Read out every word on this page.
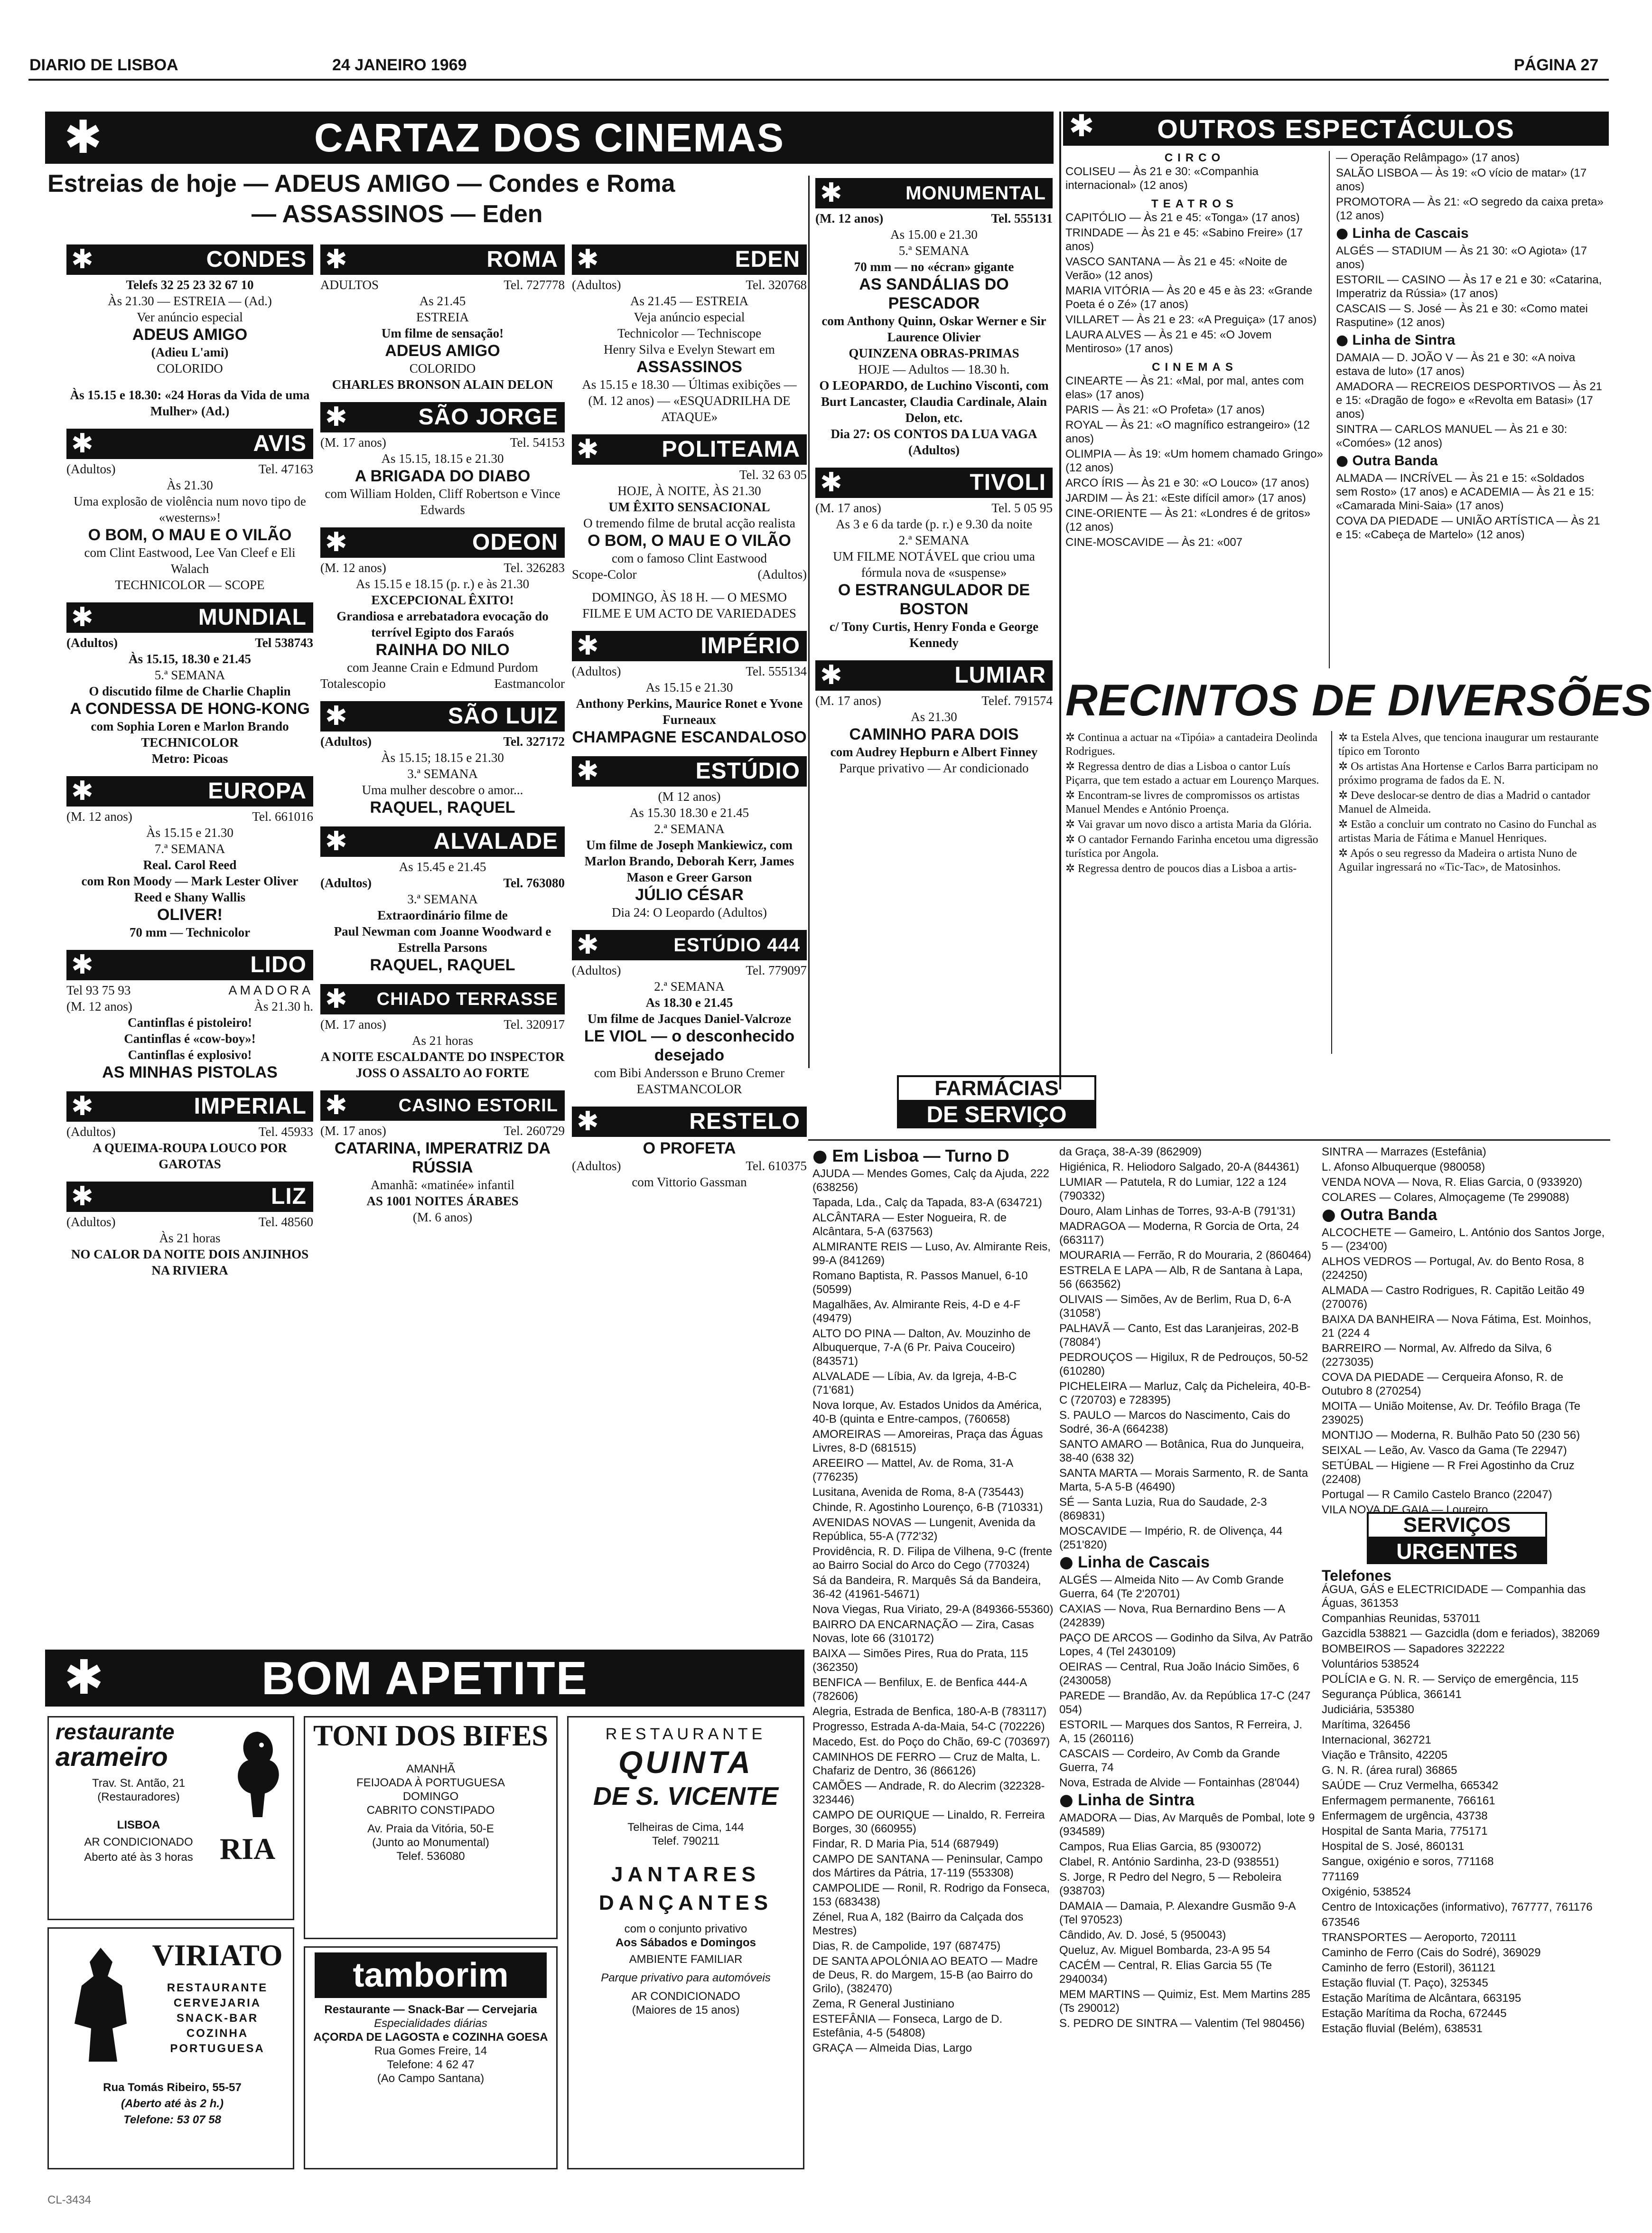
DIARIO DE LISBOA	24 JANEIRO 1969	PÁGINA 27
✱	CARTAZ DOS CINEMAS
Estreias de hoje — ADEUS AMIGO — Condes e Roma
— ASSASSINOS — Eden
✱	CONDES
Telefs 32 25 23 32 67 10
Às 21.30 — ESTREIA — (Ad.)
Ver anúncio especial
ADEUS AMIGO
(Adieu L'ami)
COLORIDO
Às 15.15 e 18.30: «24 Horas da Vida de uma Mulher» (Ad.)
✱	AVIS
(Adultos)	Tel. 47163
Às 21.30
Uma explosão de violência num novo tipo de «westerns»!
O BOM, O MAU E O VILÃO
com Clint Eastwood, Lee Van Cleef e Eli Walach
TECHNICOLOR — SCOPE
✱	MUNDIAL
(Adultos)	Tel 538743
Às 15.15, 18.30 e 21.45
5.ª SEMANA
O discutido filme de Charlie Chaplin
A CONDESSA DE HONG-KONG
com Sophia Loren e Marlon Brando
TECHNICOLOR
Metro: Picoas
✱	EUROPA
(M. 12 anos)	Tel. 661016
Às 15.15 e 21.30
7.ª SEMANA
Real. Carol Reed
com Ron Moody — Mark Lester Oliver Reed e Shany Wallis
OLIVER!
70 mm — Technicolor
✱	LIDO
Tel 93 75 93	AMADORA
(M. 12 anos)	Às 21.30 h.
Cantinflas é pistoleiro!
Cantinflas é «cow-boy»!
Cantinflas é explosivo!
AS MINHAS PISTOLAS
✱	IMPERIAL
(Adultos)	Tel. 45933
A QUEIMA-ROUPA LOUCO POR GAROTAS
✱	LIZ
(Adultos)	Tel. 48560
Às 21 horas
NO CALOR DA NOITE DOIS ANJINHOS NA RIVIERA
✱	ROMA
ADULTOS	Tel. 727778
As 21.45
ESTREIA
Um filme de sensação!
ADEUS AMIGO
COLORIDO
CHARLES BRONSON ALAIN DELON
✱	SÃO JORGE
(M. 17 anos)	Tel. 54153
As 15.15, 18.15 e 21.30
A BRIGADA DO DIABO
com William Holden, Cliff Robertson e Vince Edwards
✱	ODEON
(M. 12 anos)	Tel. 326283
As 15.15 e 18.15 (p. r.) e às 21.30
EXCEPCIONAL ÊXITO!
Grandiosa e arrebatadora evocação do terrível Egipto dos Faraós
RAINHA DO NILO
com Jeanne Crain e Edmund Purdom
Totalescopio	Eastmancolor
✱	SÃO LUIZ
(Adultos)	Tel. 327172
Às 15.15; 18.15 e 21.30
3.ª SEMANA
Uma mulher descobre o amor...
RAQUEL, RAQUEL
✱	ALVALADE
As 15.45 e 21.45
(Adultos)	Tel. 763080
3.ª SEMANA
Extraordinário filme de
Paul Newman com Joanne Woodward e Estrella Parsons
RAQUEL, RAQUEL
✱	CHIADO TERRASSE
(M. 17 anos)	Tel. 320917
As 21 horas
A NOITE ESCALDANTE DO INSPECTOR JOSS O ASSALTO AO FORTE
✱	CASINO ESTORIL
(M. 17 anos)	Tel. 260729
CATARINA, IMPERATRIZ DA RÚSSIA
Amanhã: «matinée» infantil
AS 1001 NOITES ÁRABES
(M. 6 anos)
✱	EDEN
(Adultos)	Tel. 320768
As 21.45 — ESTREIA
Veja anúncio especial
Technicolor — Techniscope
Henry Silva e Evelyn Stewart em
ASSASSINOS
As 15.15 e 18.30 — Últimas exibições — (M. 12 anos) — «ESQUADRILHA DE ATAQUE»
✱	POLITEAMA
Tel. 32 63 05
HOJE, À NOITE, ÀS 21.30
UM ÊXITO SENSACIONAL
O tremendo filme de brutal acção realista
O BOM, O MAU E O VILÃO
com o famoso Clint Eastwood
Scope-Color	(Adultos)
DOMINGO, ÀS 18 H. — O MESMO FILME E UM ACTO DE VARIEDADES
✱	IMPÉRIO
(Adultos)	Tel. 555134
As 15.15 e 21.30
Anthony Perkins, Maurice Ronet e Yvone Furneaux
CHAMPAGNE ESCANDALOSO
✱	ESTÚDIO
(M 12 anos)
As 15.30 18.30 e 21.45
2.ª SEMANA
Um filme de Joseph Mankiewicz, com Marlon Brando, Deborah Kerr, James Mason e Greer Garson
JÚLIO CÉSAR
Dia 24: O Leopardo (Adultos)
✱	ESTÚDIO 444
(Adultos)	Tel. 779097
2.ª SEMANA
As 18.30 e 21.45
Um filme de Jacques Daniel-Valcroze
LE VIOL — o desconhecido desejado
com Bibi Andersson e Bruno Cremer
EASTMANCOLOR
✱	RESTELO
O PROFETA
(Adultos)	Tel. 610375
com Vittorio Gassman
✱	MONUMENTAL
(M. 12 anos)	Tel. 555131
As 15.00 e 21.30
5.ª SEMANA
70 mm — no «écran» gigante
AS SANDÁLIAS DO PESCADOR
com Anthony Quinn, Oskar Werner e Sir Laurence Olivier
QUINZENA OBRAS-PRIMAS
HOJE — Adultos — 18.30 h.
O LEOPARDO, de Luchino Visconti, com Burt Lancaster, Claudia Cardinale, Alain Delon, etc.
Dia 27: OS CONTOS DA LUA VAGA (Adultos)
✱	TIVOLI
(M. 17 anos)	Tel. 5 05 95
As 3 e 6 da tarde (p. r.) e 9.30 da noite
2.ª SEMANA
UM FILME NOTÁVEL que criou uma fórmula nova de «suspense»
O ESTRANGULADOR DE BOSTON
c/ Tony Curtis, Henry Fonda e George Kennedy
✱	LUMIAR
(M. 17 anos)	Telef. 791574
As 21.30
CAMINHO PARA DOIS
com Audrey Hepburn e Albert Finney
Parque privativo — Ar condicionado
✱ OUTROS ESPECTÁCULOS
CIRCO
COLISEU — Às 21 e 30: «Companhia internacional» (12 anos)
TEATROS
CAPITÓLIO — Às 21 e 45: «Tonga» (17 anos)
TRINDADE — Às 21 e 45: «Sabino Freire» (17 anos)
VASCO SANTANA — Às 21 e 45: «Noite de Verão» (12 anos)
MARIA VITÓRIA — Às 20 e 45 e às 23: «Grande Poeta é o Zé» (17 anos)
VILLARET — Às 21 e 23: «A Preguiça» (17 anos)
LAURA ALVES — Às 21 e 45: «O Jovem Mentiroso» (17 anos)
CINEMAS
CINEARTE — Às 21: «Mal, por mal, antes com elas» (17 anos)
PARIS — Às 21: «O Profeta» (17 anos)
ROYAL — Às 21: «O magnífico estrangeiro» (12 anos)
OLIMPIA — Às 19: «Um homem chamado Gringo» (12 anos)
ARCO ÍRIS — Às 21 e 30: «O Louco» (17 anos)
JARDIM — Às 21: «Este difícil amor» (17 anos)
CINE-ORIENTE — Às 21: «Londres é de gritos» (12 anos)
CINE-MOSCAVIDE — Às 21: «007
— Operação Relâmpago» (17 anos)
SALÃO LISBOA — Às 19: «O vício de matar» (17 anos)
PROMOTORA — Às 21: «O segredo da caixa preta» (12 anos)
● Linha de Cascais
ALGÉS — STADIUM — Às 21 30: «O Agiota» (17 anos)
ESTORIL — CASINO — Às 17 e 21 e 30: «Catarina, Imperatriz da Rússia» (17 anos)
CASCAIS — S. José — Às 21 e 30: «Como matei Rasputine» (12 anos)
● Linha de Sintra
DAMAIA — D. JOÃO V — Às 21 e 30: «A noiva estava de luto» (17 anos)
AMADORA — RECREIOS DESPORTIVOS — Às 21 e 15: «Dragão de fogo» e «Revolta em Batasi» (17 anos)
SINTRA — CARLOS MANUEL — Às 21 e 30: «Comóes» (12 anos)
● Outra Banda
ALMADA — INCRÍVEL — Às 21 e 15: «Soldados sem Rosto» (17 anos) e ACADEMIA — Às 21 e 15: «Camarada Mini-Saia» (17 anos)
COVA DA PIEDADE — UNIÃO ARTÍSTICA — Às 21 e 15: «Cabeça de Martelo» (12 anos)
RECINTOS DE DIVERSÕES
✲ Continua a actuar na «Tipóia» a cantadeira Deolinda Rodrigues.
✲ Regressa dentro de dias a Lisboa o cantor Luís Piçarra, que tem estado a actuar em Lourenço Marques.
✲ Encontram-se livres de compromissos os artistas Manuel Mendes e António Proença.
✲ Vai gravar um novo disco a artista Maria da Glória.
✲ O cantador Fernando Farinha encetou uma digressão turística por Angola.
✲ Regressa dentro de poucos dias a Lisboa a artis-
✲ ta Estela Alves, que tenciona inaugurar um restaurante típico em Toronto
✲ Os artistas Ana Hortense e Carlos Barra participam no próximo programa de fados da E. N.
✲ Deve deslocar-se dentro de dias a Madrid o cantador Manuel de Almeida.
✲ Estão a concluir um contrato no Casino do Funchal as artistas Maria de Fátima e Manuel Henriques.
✲ Após o seu regresso da Madeira o artista Nuno de Aguilar ingressará no «Tic-Tac», de Matosinhos.
FARMÁCIAS
DE SERVIÇO
● Em Lisboa — Turno D
AJUDA — Mendes Gomes, Calç da Ajuda, 222 (638256)
Tapada, Lda., Calç da Tapada, 83-A (634721)
ALCÂNTARA — Ester Nogueira, R. de Alcântara, 5-A (637563)
ALMIRANTE REIS — Luso, Av. Almirante Reis, 99-A (841269)
Romano Baptista, R. Passos Manuel, 6-10 (50599)
Magalhães, Av. Almirante Reis, 4-D e 4-F (49479)
ALTO DO PINA — Dalton, Av. Mouzinho de Albuquerque, 7-A (6 Pr. Paiva Couceiro) (843571)
ALVALADE — Líbia, Av. da Igreja, 4-B-C (71'681)
Nova Iorque, Av. Estados Unidos da América, 40-B (quinta e Entre-campos, (760658)
AMOREIRAS — Amoreiras, Praça das Águas Livres, 8-D (681515)
AREEIRO — Mattel, Av. de Roma, 31-A (776235)
Lusitana, Avenida de Roma, 8-A (735443)
Chinde, R. Agostinho Lourenço, 6-B (710331)
AVENIDAS NOVAS — Lungenit, Avenida da República, 55-A (772'32)
Providência, R. D. Filipa de Vilhena, 9-C (frente ao Bairro Social do Arco do Cego (770324)
Sá da Bandeira, R. Marquês Sá da Bandeira, 36-42 (41961-54671)
Nova Viegas, Rua Viriato, 29-A (849366-55360)
BAIRRO DA ENCARNAÇÃO — Zira, Casas Novas, lote 66 (310172)
BAIXA — Simões Pires, Rua do Prata, 115 (362350)
BENFICA — Benfilux, E. de Benfica 444-A (782606)
Alegria, Estrada de Benfica, 180-A-B (783117)
Progresso, Estrada A-da-Maia, 54-C (702226)
Macedo, Est. do Poço do Chão, 69-C (703697)
CAMINHOS DE FERRO — Cruz de Malta, L. Chafariz de Dentro, 36 (866126)
CAMÕES — Andrade, R. do Alecrim (322328-323446)
CAMPO DE OURIQUE — Linaldo, R. Ferreira Borges, 30 (660955)
Findar, R. D Maria Pia, 514 (687949)
CAMPO DE SANTANA — Peninsular, Campo dos Mártires da Pátria, 17-119 (553308)
CAMPOLIDE — Ronil, R. Rodrigo da Fonseca, 153 (683438)
Zénel, Rua A, 182 (Bairro da Calçada dos Mestres)
Dias, R. de Campolide, 197 (687475)
DE SANTA APOLÓNIA AO BEATO — Madre de Deus, R. do Margem, 15-B (ao Bairro do Grilo), (382470)
Zema, R General Justiniano
ESTEFÂNIA — Fonseca, Largo de D. Estefânia, 4-5 (54808)
GRAÇA — Almeida Dias, Largo
da Graça, 38-A-39 (862909)
Higiénica, R. Heliodoro Salgado, 20-A (844361)
LUMIAR — Patutela, R do Lumiar, 122 a 124 (790332)
Douro, Alam Linhas de Torres, 93-A-B (791'31)
MADRAGOA — Moderna, R Gorcia de Orta, 24 (663117)
MOURARIA — Ferrão, R do Mouraria, 2 (860464)
ESTRELA E LAPA — Alb, R de Santana à Lapa, 56 (663562)
OLIVAIS — Simões, Av de Berlim, Rua D, 6-A (31058')
PALHAVÃ — Canto, Est das Laranjeiras, 202-B (78084')
PEDROUÇOS — Higilux, R de Pedrouços, 50-52 (610280)
PICHELEIRA — Marluz, Calç da Picheleira, 40-B-C (720703) e 728395)
S. PAULO — Marcos do Nascimento, Cais do Sodré, 36-A (664238)
SANTO AMARO — Botânica, Rua do Junqueira, 38-40 (638 32)
SANTA MARTA — Morais Sarmento, R. de Santa Marta, 5-A 5-B (46490)
SÉ — Santa Luzia, Rua do Saudade, 2-3 (869831)
MOSCAVIDE — Império, R. de Olivença, 44 (251'820)
● Linha de Cascais
ALGÉS — Almeida Nito — Av Comb Grande Guerra, 64 (Te 2'20701)
CAXIAS — Nova, Rua Bernardino Bens — A (242839)
PAÇO DE ARCOS — Godinho da Silva, Av Patrão Lopes, 4 (Tel 2430109)
OEIRAS — Central, Rua João Inácio Simões, 6 (2430058)
PAREDE — Brandão, Av. da República 17-C (247 054)
ESTORIL — Marques dos Santos, R Ferreira, J. A, 15 (260116)
CASCAIS — Cordeiro, Av Comb da Grande Guerra, 74
Nova, Estrada de Alvide — Fontainhas (28'044)
● Linha de Sintra
AMADORA — Dias, Av Marquês de Pombal, lote 9 (934589)
Campos, Rua Elias Garcia, 85 (930072)
Clabel, R. António Sardinha, 23-D (938551)
S. Jorge, R Pedro del Negro, 5 — Reboleira (938703)
DAMAIA — Damaia, P. Alexandre Gusmão 9-A (Tel 970523)
Cândido, Av. D. José, 5 (950043)
Queluz, Av. Miguel Bombarda, 23-A 95 54
CACÉM — Central, R. Elias Garcia 55 (Te 2940034)
MEM MARTINS — Quimiz, Est. Mem Martins 285 (Ts 290012)
S. PEDRO DE SINTRA — Valentim (Tel 980456)
SINTRA — Marrazes (Estefânia)
L. Afonso Albuquerque (980058)
VENDA NOVA — Nova, R. Elias Garcia, 0 (933920)
COLARES — Colares, Almoçageme (Te 299088)
● Outra Banda
ALCOCHETE — Gameiro, L. António dos Santos Jorge, 5 — (234'00)
ALHOS VEDROS — Portugal, Av. do Bento Rosa, 8 (224250)
ALMADA — Castro Rodrigues, R. Capitão Leitão 49 (270076)
BAIXA DA BANHEIRA — Nova Fátima, Est. Moinhos, 21 (224 4
BARREIRO — Normal, Av. Alfredo da Silva, 6 (2273035)
COVA DA PIEDADE — Cerqueira Afonso, R. de Outubro 8 (270254)
MOITA — União Moitense, Av. Dr. Teófilo Braga (Te 239025)
MONTIJO — Moderna, R. Bulhão Pato 50 (230 56)
SEIXAL — Leão, Av. Vasco da Gama (Te 22947)
SETÚBAL — Higiene — R Frei Agostinho da Cruz (22408)
Portugal — R Camilo Castelo Branco (22047)
VILA NOVA DE GAIA — Loureiro
SERVIÇOS
URGENTES
Telefones
ÁGUA, GÁS e ELECTRICIDADE — Companhia das Águas, 361353
Companhias Reunidas, 537011
Gazcidla 538821 — Gazcidla (dom e feriados), 382069
BOMBEIROS — Sapadores 322222
Voluntários 538524
POLÍCIA e G. N. R. — Serviço de emergência, 115
Segurança Pública, 366141
Judiciária, 535380
Marítima, 326456
Internacional, 362721
Viação e Trânsito, 42205
G. N. R. (área rural) 36865
SAÚDE — Cruz Vermelha, 665342
Enfermagem permanente, 766161
Enfermagem de urgência, 43738
Hospital de Santa Maria, 775171
Hospital de S. José, 860131
Sangue, oxigénio e soros, 771168
771169
Oxigénio, 538524
Centro de Intoxicações (informativo), 767777, 761176
673546
TRANSPORTES — Aeroporto, 720111
Caminho de Ferro (Cais do Sodré), 369029
Caminho de ferro (Estoril), 361121
Estação fluvial (T. Paço), 325345
Estação Marítima de Alcântara, 663195
Estação Marítima da Rocha, 672445
Estação fluvial (Belém), 638531
✱	BOM APETITE
restaurante
arameiro
Trav. St. Antão, 21 (Restauradores)
LISBOA
AR CONDICIONADO
Aberto até às 3 horas RIA
VIRIATO
RESTAURANTE
CERVEJARIA
SNACK-BAR
COZINHA
PORTUGUESA
Rua Tomás Ribeiro, 55-57
(Aberto até às 2 h.)
Telefone: 53 07 58
TONI DOS BIFES
AMANHÃ
FEIJOADA À PORTUGUESA
DOMINGO
CABRITO CONSTIPADO
Av. Praia da Vitória, 50-E
(Junto ao Monumental)
Telef. 536080
tamborim
Restaurante — Snack-Bar — Cervejaria
Especialidades diárias
AÇORDA DE LAGOSTA e COZINHA GOESA
Rua Gomes Freire, 14
Telefone: 4 62 47
(Ao Campo Santana)
RESTAURANTE
QUINTA
DE S. VICENTE
Telheiras de Cima, 144
Telef. 790211
JANTARES DANÇANTES
com o conjunto privativo
Aos Sábados e Domingos
AMBIENTE FAMILIAR
Parque privativo para automóveis
AR CONDICIONADO
(Maiores de 15 anos)
CL-3434
